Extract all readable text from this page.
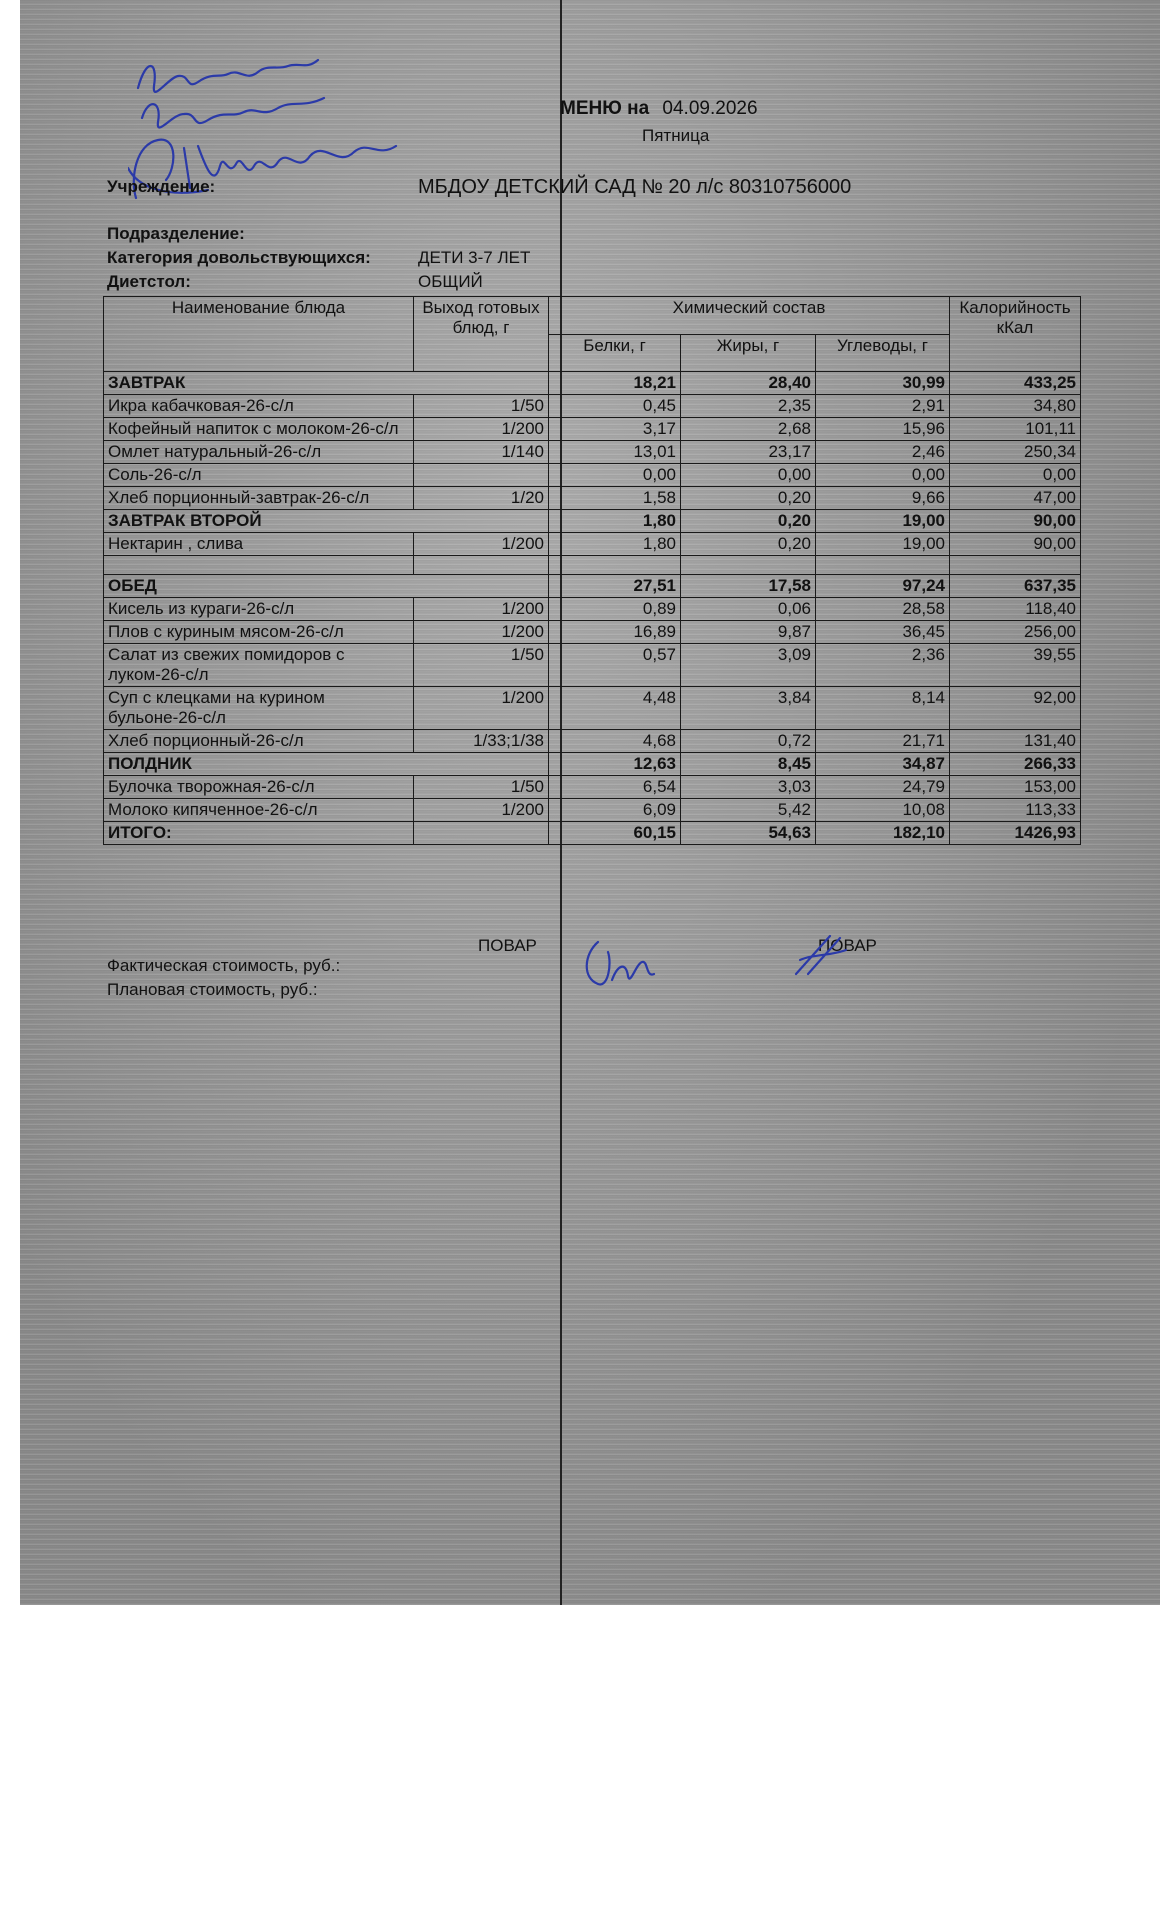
МЕНЮ на 04.09.2026
Пятница
Учреждение:	МБДОУ ДЕТСКИЙ САД № 20 л/с 80310756000
Подразделение:
Категория довольствующихся:	ДЕТИ 3-7 ЛЕТ
Диетстол:	ОБЩИЙ
Наименование блюда	Выход готовых блюд, г	Химический состав			Калорийность кКал
		Белки, г	Жиры, г	Углеводы, г	
ЗАВТРАК		18,21	28,40	30,99	433,25
Икра кабачковая-26-с/л	1/50	0,45	2,35	2,91	34,80
Кофейный напиток с молоком-26-с/л	1/200	3,17	2,68	15,96	101,11
Омлет натуральный-26-с/л	1/140	13,01	23,17	2,46	250,34
Соль-26-с/л		0,00	0,00	0,00	0,00
Хлеб порционный-завтрак-26-с/л	1/20	1,58	0,20	9,66	47,00
ЗАВТРАК ВТОРОЙ		1,80	0,20	19,00	90,00
Нектарин , слива	1/200	1,80	0,20	19,00	90,00

ОБЕД		27,51	17,58	97,24	637,35
Кисель из кураги-26-с/л	1/200	0,89	0,06	28,58	118,40
Плов с куриным мясом-26-с/л	1/200	16,89	9,87	36,45	256,00
Салат из свежих помидоров с луком-26-с/л	1/50	0,57	3,09	2,36	39,55
Суп с клецками на курином бульоне-26-с/л	1/200	4,48	3,84	8,14	92,00
Хлеб порционный-26-с/л	1/33;1/38	4,68	0,72	21,71	131,40
ПОЛДНИК		12,63	8,45	34,87	266,33
Булочка творожная-26-с/л	1/50	6,54	3,03	24,79	153,00
Молоко кипяченное-26-с/л	1/200	6,09	5,42	10,08	113,33
ИТОГО:		60,15	54,63	182,10	1426,93
ПОВАР	ПОВАР
Фактическая стоимость, руб.:
Плановая стоимость, руб.:
